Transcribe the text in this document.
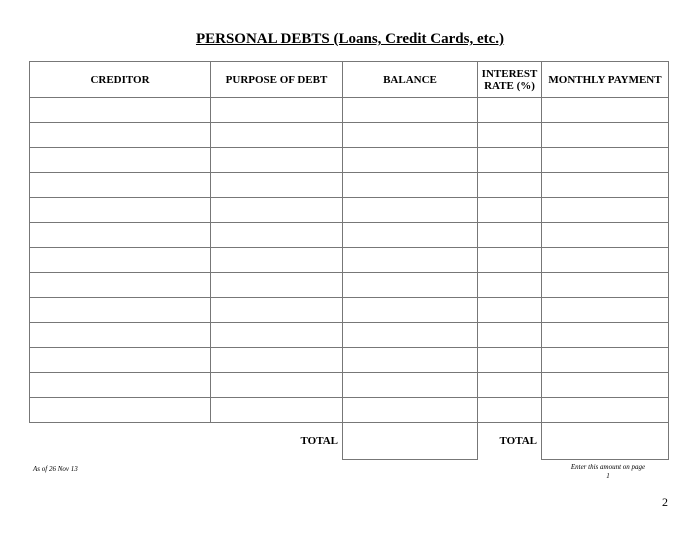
PERSONAL DEBTS (Loans, Credit Cards, etc.)
CREDITOR	PURPOSE OF DEBT	BALANCE	INTEREST RATE (%)	MONTHLY PAYMENT

TOTAL			TOTAL	
As of 26 Nov 13	Enter this amount on page 1
2
